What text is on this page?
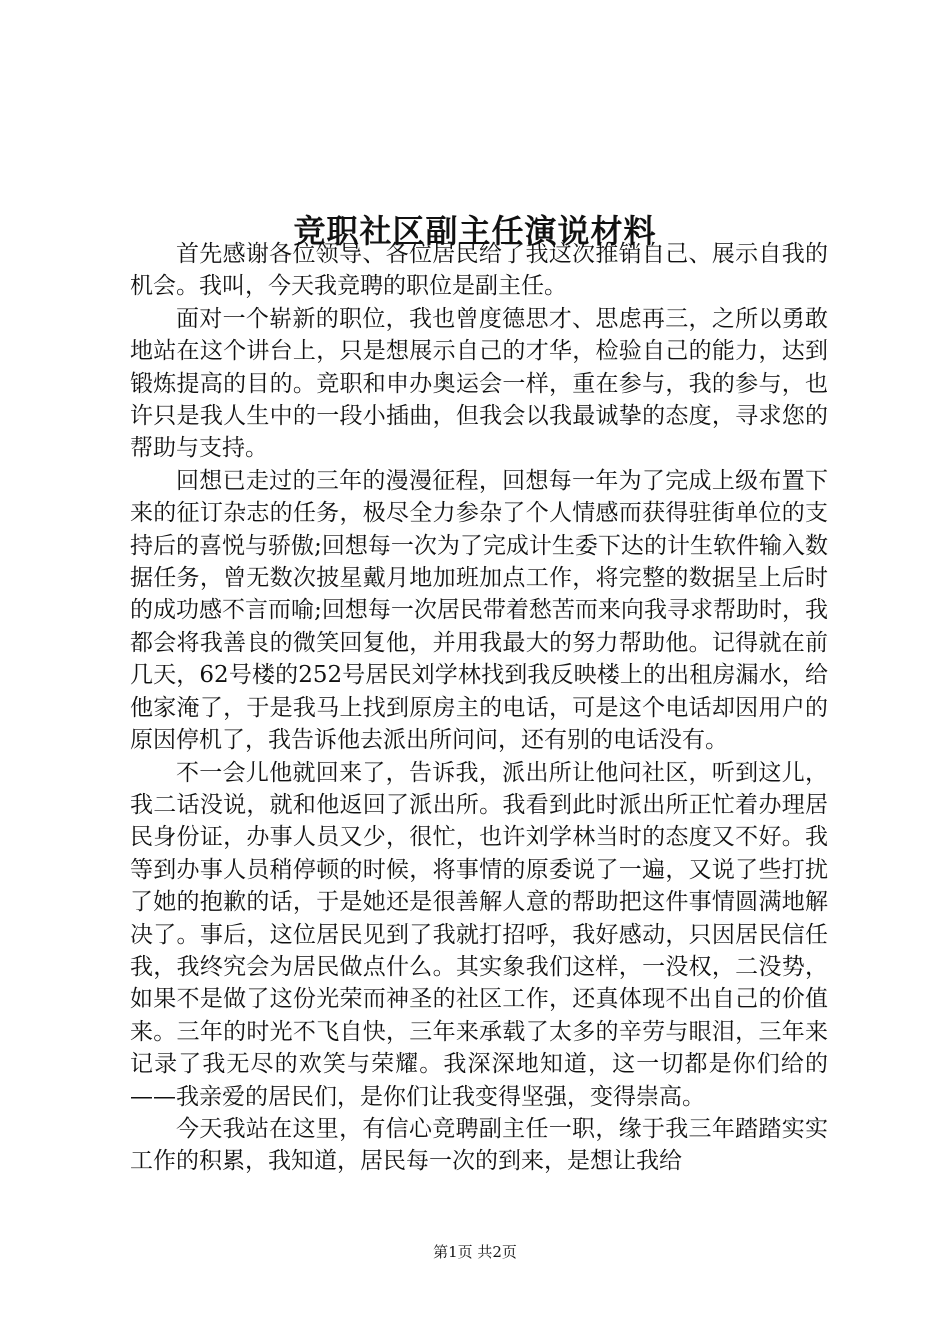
竞职社区副主任演说材料

首先感谢各位领导、各位居民给了我这次推销自己、展示自我的机会。我叫，今天我竞聘的职位是副主任。

面对一个崭新的职位，我也曾度德思才、思虑再三，之所以勇敢地站在这个讲台上，只是想展示自己的才华，检验自己的能力，达到锻炼提高的目的。竞职和申办奥运会一样，重在参与，我的参与，也许只是我人生中的一段小插曲，但我会以我最诚挚的态度，寻求您的帮助与支持。

回想已走过的三年的漫漫征程，回想每一年为了完成上级布置下来的征订杂志的任务，极尽全力参杂了个人情感而获得驻街单位的支持后的喜悦与骄傲;回想每一次为了完成计生委下达的计生软件输入数据任务，曾无数次披星戴月地加班加点工作，将完整的数据呈上后时的成功感不言而喻;回想每一次居民带着愁苦而来向我寻求帮助时，我都会将我善良的微笑回复他，并用我最大的努力帮助他。记得就在前几天，62号楼的252号居民刘学林找到我反映楼上的出租房漏水，给他家淹了，于是我马上找到原房主的电话，可是这个电话却因用户的原因停机了，我告诉他去派出所问问，还有别的电话没有。

不一会儿他就回来了，告诉我，派出所让他问社区，听到这儿，我二话没说，就和他返回了派出所。我看到此时派出所正忙着办理居民身份证，办事人员又少，很忙，也许刘学林当时的态度又不好。我等到办事人员稍停顿的时候，将事情的原委说了一遍，又说了些打扰了她的抱歉的话，于是她还是很善解人意的帮助把这件事情圆满地解决了。事后，这位居民见到了我就打招呼，我好感动，只因居民信任我，我终究会为居民做点什么。其实象我们这样，一没权，二没势，如果不是做了这份光荣而神圣的社区工作，还真体现不出自己的价值来。三年的时光不飞自快，三年来承载了太多的辛劳与眼泪，三年来记录了我无尽的欢笑与荣耀。我深深地知道，这一切都是你们给的——我亲爱的居民们，是你们让我变得坚强，变得崇高。

今天我站在这里，有信心竞聘副主任一职，缘于我三年踏踏实实工作的积累，我知道，居民每一次的到来，是想让我给

第1页 共2页
